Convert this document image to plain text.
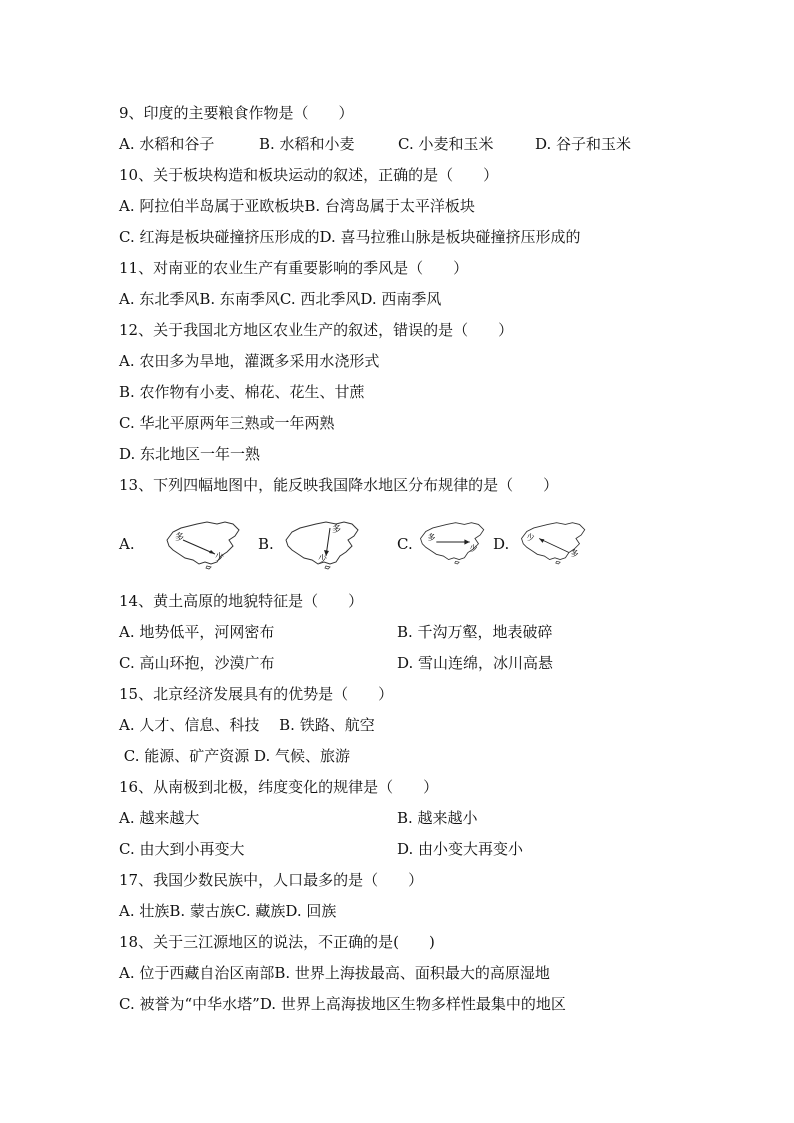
9、印度的主要粮食作物是（　　）
A. 水稻和谷子	B. 水稻和小麦	C. 小麦和玉米	D. 谷子和玉米
10、关于板块构造和板块运动的叙述，正确的是（　　）
A. 阿拉伯半岛属于亚欧板块B. 台湾岛属于太平洋板块
C. 红海是板块碰撞挤压形成的D. 喜马拉雅山脉是板块碰撞挤压形成的
11、对南亚的农业生产有重要影响的季风是（　　）
A. 东北季风B. 东南季风C. 西北季风D. 西南季风
12、关于我国北方地区农业生产的叙述，错误的是（　　）
A. 农田多为旱地，灌溉多采用水浇形式
B. 农作物有小麦、棉花、花生、甘蔗
C. 华北平原两年三熟或一年两熟
D. 东北地区一年一熟
13、下列四幅地图中，能反映我国降水地区分布规律的是（　　）
A.	多
少
B.
多
少
C. 多
少 D. 少
多
14、黄土高原的地貌特征是（　　）
A. 地势低平，河网密布	B. 千沟万壑，地表破碎
C. 高山环抱，沙漠广布	D. 雪山连绵，冰川高悬
15、北京经济发展具有的优势是（　　）
A. 人才、信息、科技　 B. 铁路、航空
C. 能源、矿产资源 D. 气候、旅游
16、从南极到北极，纬度变化的规律是（　　）
A. 越来越大	B. 越来越小
C. 由大到小再变大	D. 由小变大再变小
17、我国少数民族中，人口最多的是（　　）
A. 壮族B. 蒙古族C. 藏族D. 回族
18、关于三江源地区的说法，不正确的是(　　)
A. 位于西藏自治区南部B. 世界上海拔最高、面积最大的高原湿地
C. 被誉为“中华水塔”D. 世界上高海拔地区生物多样性最集中的地区
